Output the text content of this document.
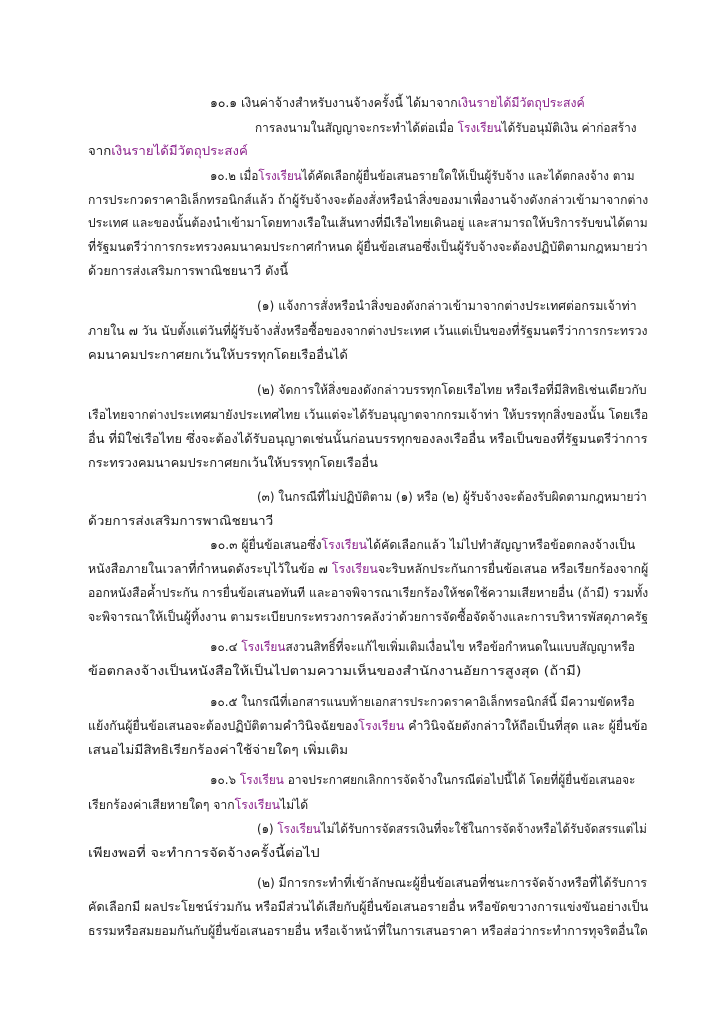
๑๐.๑ เงินค่าจ้างสำหรับงานจ้างครั้งนี้ ได้มาจากเงินรายได้มีวัตถุประสงค์
การลงนามในสัญญาจะกระทำได้ต่อเมื่อ โรงเรียนได้รับอนุมัติเงิน ค่าก่อสร้าง
จากเงินรายได้มีวัตถุประสงค์
๑๐.๒ เมื่อโรงเรียนได้คัดเลือกผู้ยื่นข้อเสนอรายใดให้เป็นผู้รับจ้าง และได้ตกลงจ้าง ตาม
การประกวดราคาอิเล็กทรอนิกส์แล้ว ถ้าผู้รับจ้างจะต้องสั่งหรือนำสิ่งของมาเพื่องานจ้างดังกล่าวเข้ามาจากต่าง
ประเทศ และของนั้นต้องนำเข้ามาโดยทางเรือในเส้นทางที่มีเรือไทยเดินอยู่ และสามารถให้บริการรับขนได้ตาม
ที่รัฐมนตรีว่าการกระทรวงคมนาคมประกาศกำหนด ผู้ยื่นข้อเสนอซึ่งเป็นผู้รับจ้างจะต้องปฏิบัติตามกฎหมายว่า
ด้วยการส่งเสริมการพาณิชยนาวี ดังนี้
(๑) แจ้งการสั่งหรือนำสิ่งของดังกล่าวเข้ามาจากต่างประเทศต่อกรมเจ้าท่า
ภายใน ๗ วัน นับตั้งแต่วันที่ผู้รับจ้างสั่งหรือซื้อของจากต่างประเทศ เว้นแต่เป็นของที่รัฐมนตรีว่าการกระทรวง
คมนาคมประกาศยกเว้นให้บรรทุกโดยเรืออื่นได้
(๒) จัดการให้สิ่งของดังกล่าวบรรทุกโดยเรือไทย หรือเรือที่มีสิทธิเช่นเดียวกับ
เรือไทยจากต่างประเทศมายังประเทศไทย เว้นแต่จะได้รับอนุญาตจากกรมเจ้าท่า ให้บรรทุกสิ่งของนั้น โดยเรือ
อื่น ที่มิใช่เรือไทย ซึ่งจะต้องได้รับอนุญาตเช่นนั้นก่อนบรรทุกของลงเรืออื่น หรือเป็นของที่รัฐมนตรีว่าการ
กระทรวงคมนาคมประกาศยกเว้นให้บรรทุกโดยเรืออื่น
(๓) ในกรณีที่ไม่ปฏิบัติตาม (๑) หรือ (๒) ผู้รับจ้างจะต้องรับผิดตามกฎหมายว่า
ด้วยการส่งเสริมการพาณิชยนาวี
๑๐.๓ ผู้ยื่นข้อเสนอซึ่งโรงเรียนได้คัดเลือกแล้ว ไม่ไปทำสัญญาหรือข้อตกลงจ้างเป็น
หนังสือภายในเวลาที่กำหนดดังระบุไว้ในข้อ ๗ โรงเรียนจะริบหลักประกันการยื่นข้อเสนอ หรือเรียกร้องจากผู้
ออกหนังสือค้ำประกัน การยื่นข้อเสนอทันที และอาจพิจารณาเรียกร้องให้ชดใช้ความเสียหายอื่น (ถ้ามี) รวมทั้ง
จะพิจารณาให้เป็นผู้ทิ้งงาน ตามระเบียบกระทรวงการคลังว่าด้วยการจัดซื้อจัดจ้างและการบริหารพัสดุภาครัฐ
๑๐.๔ โรงเรียนสงวนสิทธิ์ที่จะแก้ไขเพิ่มเติมเงื่อนไข หรือข้อกำหนดในแบบสัญญาหรือ
ข้อตกลงจ้างเป็นหนังสือให้เป็นไปตามความเห็นของสำนักงานอัยการสูงสุด (ถ้ามี)
๑๐.๕ ในกรณีที่เอกสารแนบท้ายเอกสารประกวดราคาอิเล็กทรอนิกส์นี้ มีความขัดหรือ
แย้งกันผู้ยื่นข้อเสนอจะต้องปฏิบัติตามคำวินิจฉัยของโรงเรียน คำวินิจฉัยดังกล่าวให้ถือเป็นที่สุด และ ผู้ยื่นข้อ
เสนอไม่มีสิทธิเรียกร้องค่าใช้จ่ายใดๆ เพิ่มเติม
๑๐.๖ โรงเรียน อาจประกาศยกเลิกการจัดจ้างในกรณีต่อไปนี้ได้ โดยที่ผู้ยื่นข้อเสนอจะ
เรียกร้องค่าเสียหายใดๆ จากโรงเรียนไม่ได้
(๑) โรงเรียนไม่ได้รับการจัดสรรเงินที่จะใช้ในการจัดจ้างหรือได้รับจัดสรรแต่ไม่
เพียงพอที่ จะทำการจัดจ้างครั้งนี้ต่อไป
(๒) มีการกระทำที่เข้าลักษณะผู้ยื่นข้อเสนอที่ชนะการจัดจ้างหรือที่ได้รับการ
คัดเลือกมี ผลประโยชน์ร่วมกัน หรือมีส่วนได้เสียกับผู้ยื่นข้อเสนอรายอื่น หรือขัดขวางการแข่งขันอย่างเป็น
ธรรมหรือสมยอมกันกับผู้ยื่นข้อเสนอรายอื่น หรือเจ้าหน้าที่ในการเสนอราคา หรือส่อว่ากระทำการทุจริตอื่นใด
